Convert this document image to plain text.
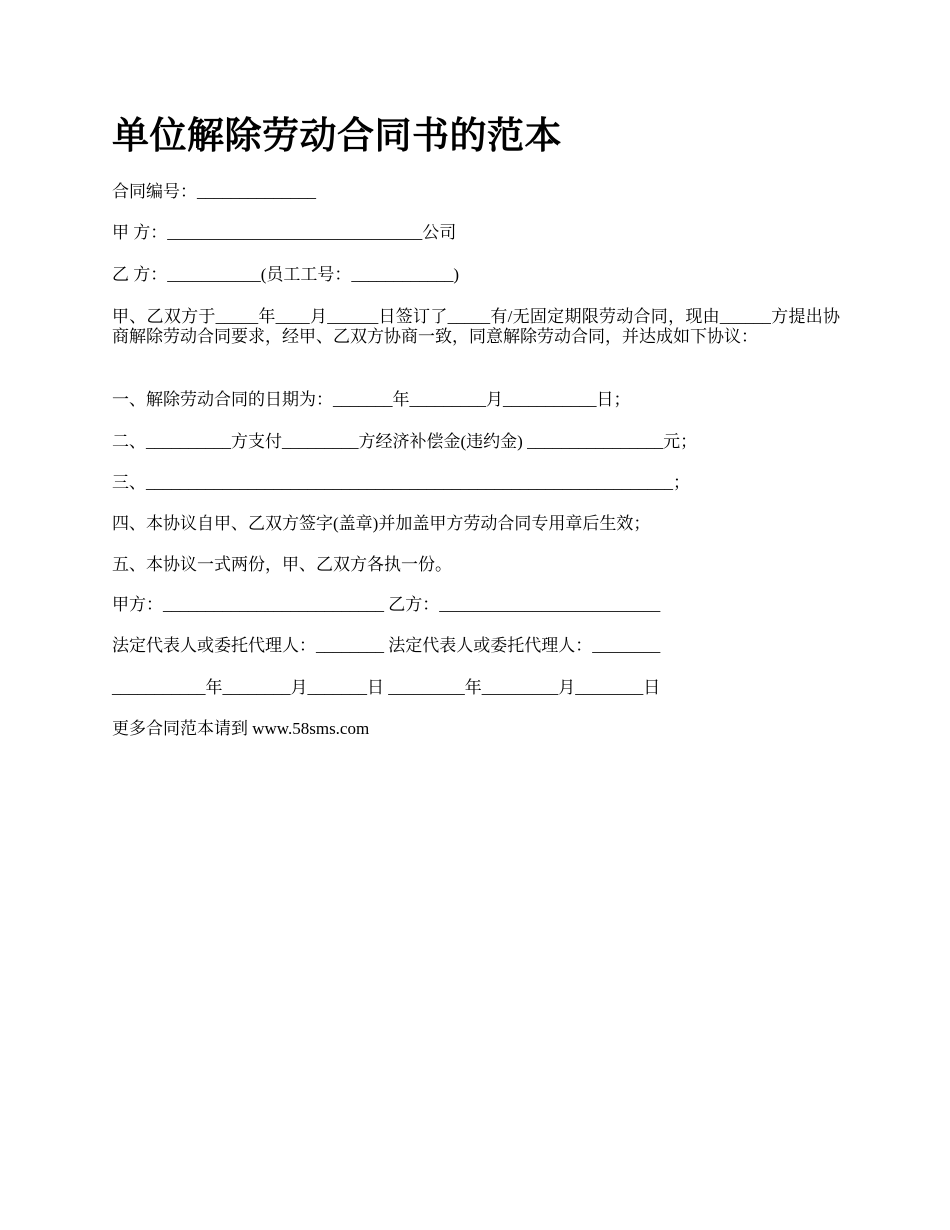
单位解除劳动合同书的范本

合同编号：______________

甲 方：______________________________公司

乙 方：___________(员工工号：____________)

甲、乙双方于_____年____月______日签订了_____有/无固定期限劳动合同，现由______方提出协商解除劳动合同要求，经甲、乙双方协商一致，同意解除劳动合同，并达成如下协议：

一、解除劳动合同的日期为：_______年_________月___________日；

二、__________方支付_________方经济补偿金(违约金) ________________元；

三、______________________________________________________________；

四、本协议自甲、乙双方签字(盖章)并加盖甲方劳动合同专用章后生效；

五、本协议一式两份，甲、乙双方各执一份。

甲方：__________________________ 乙方：__________________________

法定代表人或委托代理人：________ 法定代表人或委托代理人：________

___________年________月_______日 _________年_________月________日

更多合同范本请到 www.58sms.com
